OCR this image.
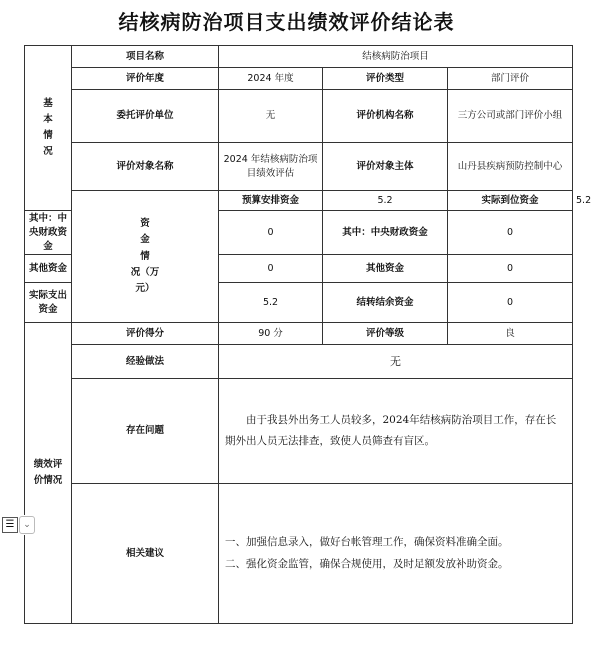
结核病防治项目支出绩效评价结论表
基
本
情
况	项目名称	结核病防治项目			
	评价年度	2024 年度	评价类型	部门评价	
	委托评价单位	无	评价机构名称	三方公司或部门评价小组	
	评价对象名称	2024 年结核病防治项目绩效评估	评价对象主体	山丹县疾病预防控制中心	

	资
金
情
况（万
元）	预算安排资金	5.2	实际到位资金	5.2
其中：中央财政资金		0	其中：中央财政资金	0	
其他资金		0	其他资金	0	
实际支出资金		5.2	结转结余资金	0	

绩效评
价情况	评价得分	90 分	评价等级	良	
	经验做法	无			
	存在问题	由于我县外出务工人员较多，2024年结核病防治项目工作，存在长期外出人员无法排查，致使人员筛查有盲区。			

	相关建议	一、加强信息录入，做好台帐管理工作，确保资料准确全面。

二、强化资金监管，确保合规使用，及时足额发放补助资金。			

☰ ⌄
